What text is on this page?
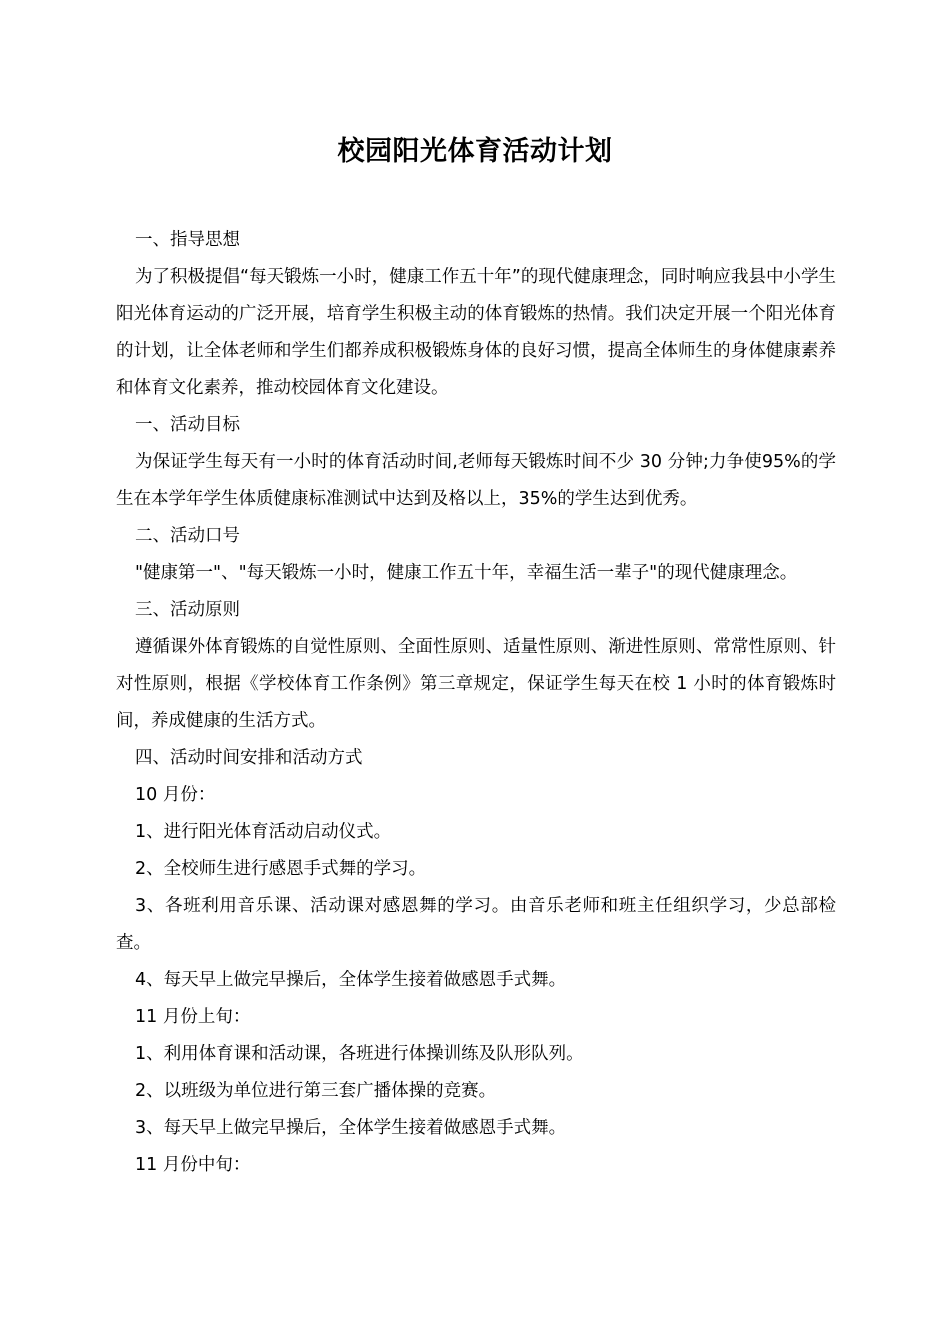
校园阳光体育活动计划

一、指导思想

为了积极提倡“每天锻炼一小时，健康工作五十年”的现代健康理念，同时响应我县中小学生阳光体育运动的广泛开展，培育学生积极主动的体育锻炼的热情。我们决定开展一个阳光体育的计划，让全体老师和学生们都养成积极锻炼身体的良好习惯，提高全体师生的身体健康素养和体育文化素养，推动校园体育文化建设。

一、活动目标

为保证学生每天有一小时的体育活动时间,老师每天锻炼时间不少 30 分钟;力争使95%的学生在本学年学生体质健康标准测试中达到及格以上，35%的学生达到优秀。

二、活动口号

"健康第一"、"每天锻炼一小时，健康工作五十年，幸福生活一辈子"的现代健康理念。

三、活动原则

遵循课外体育锻炼的自觉性原则、全面性原则、适量性原则、渐进性原则、常常性原则、针对性原则，根据《学校体育工作条例》第三章规定，保证学生每天在校 1 小时的体育锻炼时间，养成健康的生活方式。

四、活动时间安排和活动方式

10 月份：

1、进行阳光体育活动启动仪式。

2、全校师生进行感恩手式舞的学习。

3、各班利用音乐课、活动课对感恩舞的学习。由音乐老师和班主任组织学习，少总部检查。

4、每天早上做完早操后，全体学生接着做感恩手式舞。

11 月份上旬：

1、利用体育课和活动课，各班进行体操训练及队形队列。

2、以班级为单位进行第三套广播体操的竞赛。

3、每天早上做完早操后，全体学生接着做感恩手式舞。

11 月份中旬：
